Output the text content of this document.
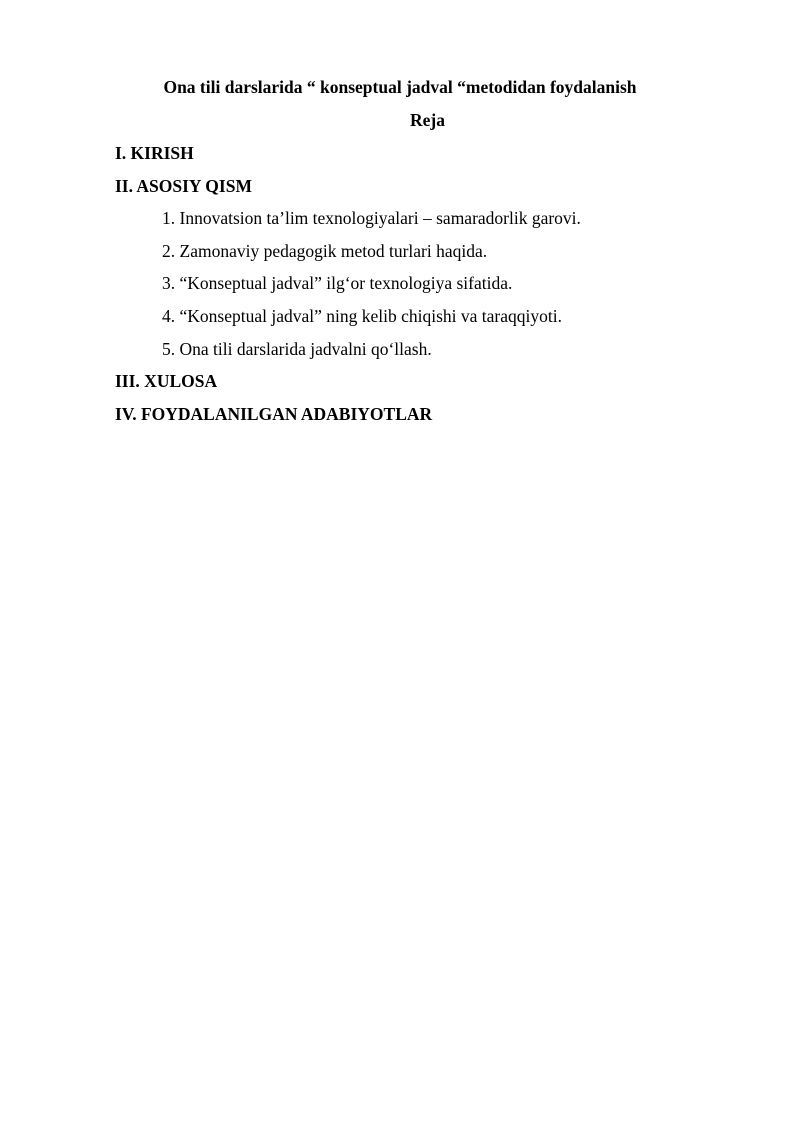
Ona tili darslarida “ konseptual jadval “metodidan foydalanish
Reja
I. KIRISH
II. ASOSIY QISM
1. Innovatsion ta’lim texnologiyalari – samaradorlik garovi.
2. Zamonaviy pedagogik metod turlari haqida.
3. “Konseptual jadval” ilg‘or texnologiya sifatida.
4. “Konseptual jadval” ning kelib chiqishi va taraqqiyoti.
5. Ona tili darslarida jadvalni qo‘llash.
III. XULOSA
IV. FOYDALANILGAN ADABIYOTLAR
